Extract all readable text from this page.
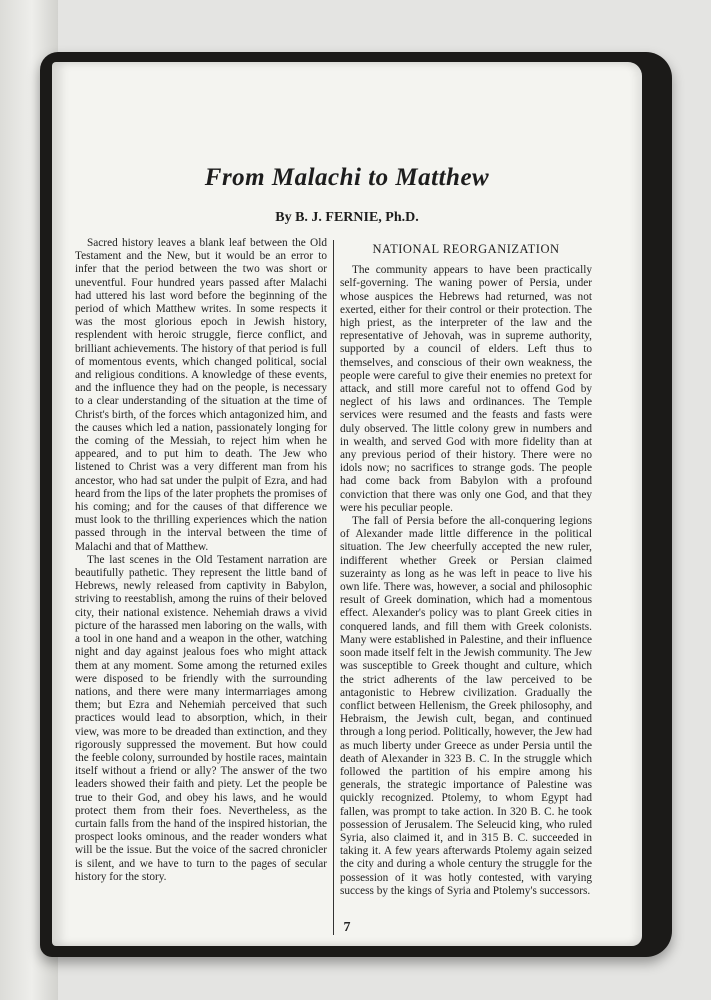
From Malachi to Matthew
By B. J. FERNIE, Ph.D.

Sacred history leaves a blank leaf between the Old Testament and the New, but it would be an error to infer that the period between the two was short or uneventful. Four hundred years passed after Malachi had uttered his last word before the beginning of the period of which Matthew writes. In some respects it was the most glorious epoch in Jewish history, resplendent with heroic struggle, fierce conflict, and brilliant achievements. The history of that period is full of momentous events, which changed political, social and religious conditions. A knowledge of these events, and the influence they had on the people, is necessary to a clear understanding of the situation at the time of Christ's birth, of the forces which antagonized him, and the causes which led a nation, passionately longing for the coming of the Messiah, to reject him when he appeared, and to put him to death. The Jew who listened to Christ was a very different man from his ancestor, who had sat under the pulpit of Ezra, and had heard from the lips of the later prophets the promises of his coming; and for the causes of that difference we must look to the thrilling experiences which the nation passed through in the interval between the time of Malachi and that of Matthew.

The last scenes in the Old Testament narration are beautifully pathetic. They represent the little band of Hebrews, newly released from captivity in Babylon, striving to reestablish, among the ruins of their beloved city, their national existence. Nehemiah draws a vivid picture of the harassed men laboring on the walls, with a tool in one hand and a weapon in the other, watching night and day against jealous foes who might attack them at any moment. Some among the returned exiles were disposed to be friendly with the surrounding nations, and there were many intermarriages among them; but Ezra and Nehemiah perceived that such practices would lead to absorption, which, in their view, was more to be dreaded than extinction, and they rigorously suppressed the movement. But how could the feeble colony, surrounded by hostile races, maintain itself without a friend or ally? The answer of the two leaders showed their faith and piety. Let the people be true to their God, and obey his laws, and he would protect them from their foes. Nevertheless, as the curtain falls from the hand of the inspired historian, the prospect looks ominous, and the reader wonders what will be the issue. But the voice of the sacred chronicler is silent, and we have to turn to the pages of secular history for the story.

NATIONAL REORGANIZATION

The community appears to have been practically self-governing. The waning power of Persia, under whose auspices the Hebrews had returned, was not exerted, either for their control or their protection. The high priest, as the interpreter of the law and the representative of Jehovah, was in supreme authority, supported by a council of elders. Left thus to themselves, and conscious of their own weakness, the people were careful to give their enemies no pretext for attack, and still more careful not to offend God by neglect of his laws and ordinances. The Temple services were resumed and the feasts and fasts were duly observed. The little colony grew in numbers and in wealth, and served God with more fidelity than at any previous period of their history. There were no idols now; no sacrifices to strange gods. The people had come back from Babylon with a profound conviction that there was only one God, and that they were his peculiar people.

The fall of Persia before the all-conquering legions of Alexander made little difference in the political situation. The Jew cheerfully accepted the new ruler, indifferent whether Greek or Persian claimed suzerainty as long as he was left in peace to live his own life. There was, however, a social and philosophic result of Greek domination, which had a momentous effect. Alexander's policy was to plant Greek cities in conquered lands, and fill them with Greek colonists. Many were established in Palestine, and their influence soon made itself felt in the Jewish community. The Jew was susceptible to Greek thought and culture, which the strict adherents of the law perceived to be antagonistic to Hebrew civilization. Gradually the conflict between Hellenism, the Greek philosophy, and Hebraism, the Jewish cult, began, and continued through a long period. Politically, however, the Jew had as much liberty under Greece as under Persia until the death of Alexander in 323 B. C. In the struggle which followed the partition of his empire among his generals, the strategic importance of Palestine was quickly recognized. Ptolemy, to whom Egypt had fallen, was prompt to take action. In 320 B. C. he took possession of Jerusalem. The Seleucid king, who ruled Syria, also claimed it, and in 315 B. C. succeeded in taking it. A few years afterwards Ptolemy again seized the city and during a whole century the struggle for the possession of it was hotly contested, with varying success by the kings of Syria and Ptolemy's successors.

7
